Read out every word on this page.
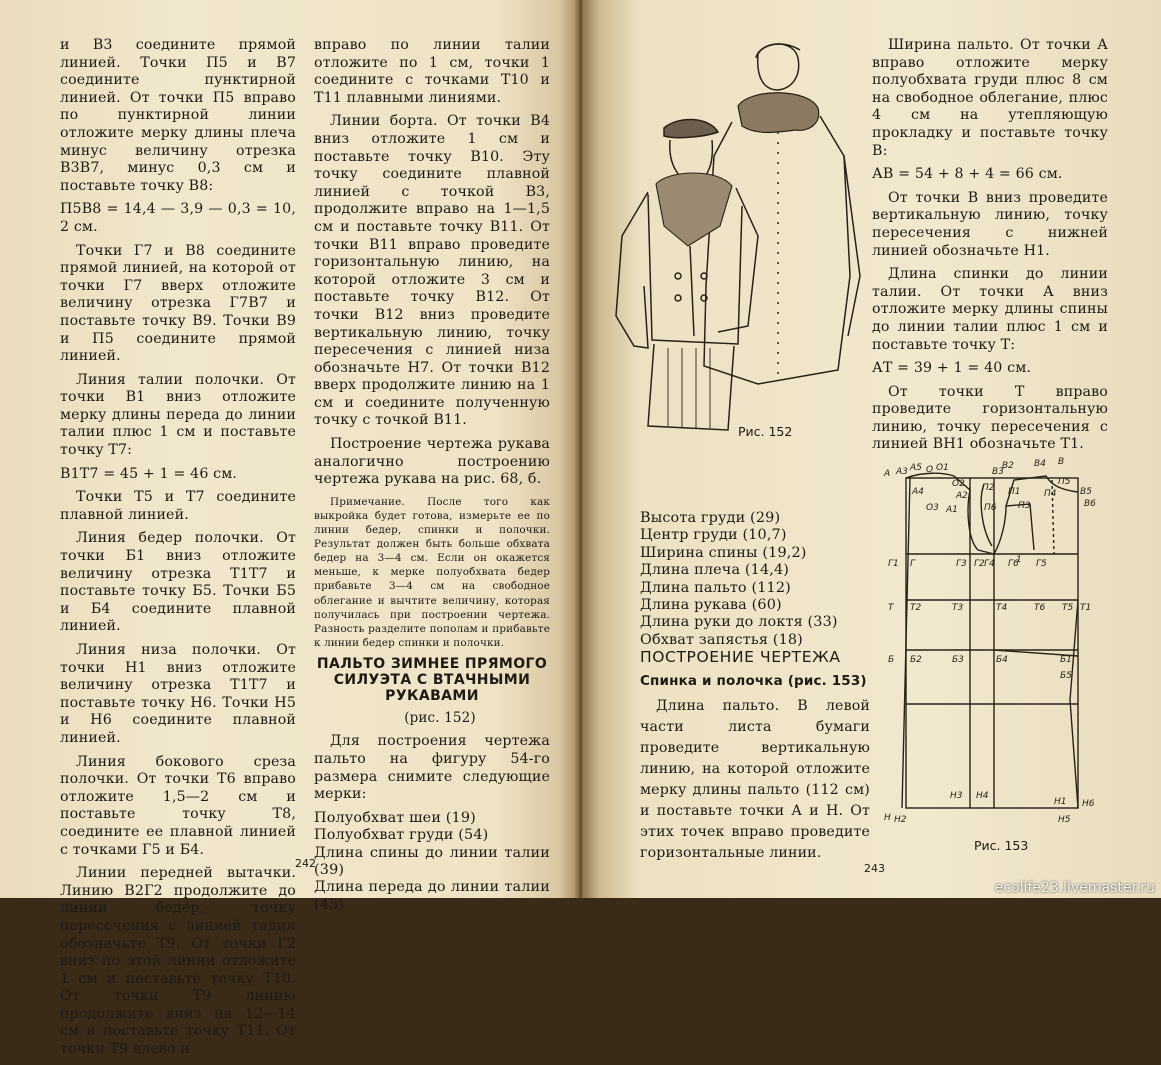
и В3 соедините прямой линией. Точки П5 и В7 соедините пунктирной линией. От точки П5 вправо по пунктирной линии отложите мерку длины плеча минус величину отрезка В3В7, минус 0,3 см и поставьте точку В8:

П5В8 = 14,4 — 3,9 — 0,3 = 10, 2 см.

Точки Г7 и В8 соедините прямой линией, на которой от точки Г7 вверх отложите величину отрезка Г7В7 и поставьте точку В9. Точки В9 и П5 соедините прямой линией.

Линия талии полочки. От точки В1 вниз отложите мерку длины переда до линии талии плюс 1 см и поставьте точку Т7:

В1Т7 = 45 + 1 = 46 см.

Точки Т5 и Т7 соедините плавной линией.

Линия бедер полочки. От точки Б1 вниз отложите величину отрезка Т1Т7 и поставьте точку Б5. Точки Б5 и Б4 соедините плавной линией.

Линия низа полочки. От точки Н1 вниз отложите величину отрезка Т1Т7 и поставьте точку Н6. Точки Н5 и Н6 соедините плавной линией.

Линия бокового среза полочки. От точки Т6 вправо отложите 1,5—2 см и поставьте точку Т8, соедините ее плавной линией с точками Г5 и Б4.

Линии передней вытачки. Линию В2Г2 продолжите до линии бедер, точку пересечения с линией талии обозначьте Т9. От точки Г2 вниз по этой линии отложите 1 см и поставьте точку Т10. От точки Т9 линию продолжите вниз на 12—14 см и поставьте точку Т11. От точки Т9 влево и

вправо по линии талии отложите по 1 см, точки 1 соедините с точками Т10 и Т11 плавными линиями.

Линии борта. От точки В4 вниз отложите 1 см и поставьте точку В10. Эту точку соедините плавной линией с точкой В3, продолжите вправо на 1—1,5 см и поставьте точку В11. От точки В11 вправо проведите горизонтальную линию, на которой отложите 3 см и поставьте точку В12. От точки В12 вниз проведите вертикальную линию, точку пересечения с линией низа обозначьте Н7. От точки В12 вверх продолжите линию на 1 см и соедините полученную точку с точкой В11.

Построение чертежа рукава аналогично построению чертежа рукава на рис. 68, б.

Примечание. После того как выкройка будет готова, измерьте ее по линии бедер, спинки и полочки. Результат должен быть больше обхвата бедер на 3—4 см. Если он окажется меньше, к мерке полуобхвата бедер прибавьте 3—4 см на свободное облегание и вычтите величину, которая получилась при построении чертежа. Разность разделите пополам и прибавьте к линии бедер спинки и полочки.

ПАЛЬТО ЗИМНЕЕ ПРЯМОГО СИЛУЭТА С ВТАЧНЫМИ РУКАВАМИ

(рис. 152)

Для построения чертежа пальто на фигуру 54-го размера снимите следующие мерки:

Полуобхват шеи (19)
Полуобхват груди (54)
Длина спины до линии талии (39)
Длина переда до линии талии (45)
242
Рис. 152
Высота груди (29)
Центр груди (10,7)
Ширина спины (19,2)
Длина плеча (14,4)
Длина пальто (112)
Длина рукава (60)
Длина руки до локтя (33)
Обхват запястья (18)

ПОСТРОЕНИЕ ЧЕРТЕЖА

Спинка и полочка (рис. 153)

Длина пальто. В левой части листа бумаги проведите вертикальную линию, на которой отложите мерку длины пальто (112 см) и поставьте точки А и Н. От этих точек вправо проведите горизонтальные линии.

Ширина пальто. От точки А вправо отложите мерку полуобхвата груди плюс 8 см на свободное облегание, плюс 4 см на утепляющую прокладку и поставьте точку В:

АВ = 54 + 8 + 4 = 66 см.

От точки В вниз проведите вертикальную линию, точку пересечения с нижней линией обозначьте Н1.

Длина спинки до линии талии. От точки А вниз отложите мерку длины спины до линии талии плюс 1 см и поставьте точку Т:

АТ = 39 + 1 = 40 см.

От точки Т вправо проведите горизонтальную линию, точку пересечения с линией ВН1 обозначьте Т1.

А А3 А5 О О1
А4
О2
О3
А2
А1
В2
В3
В4 В
В5
В6
П1
П2
П3
П4
П5
П6
Г
Г1	Г2
Г3 Г4	Г5
Г6
Т	Т1
Т2	Т3	Т4	Т5
Т6
Б	Б1
Б2	Б3	Б4
Б5
Н
Н1
Н2
Н3 Н4
Н5
Н6
1
Рис. 153
243
ecolife23.livemaster.ru
